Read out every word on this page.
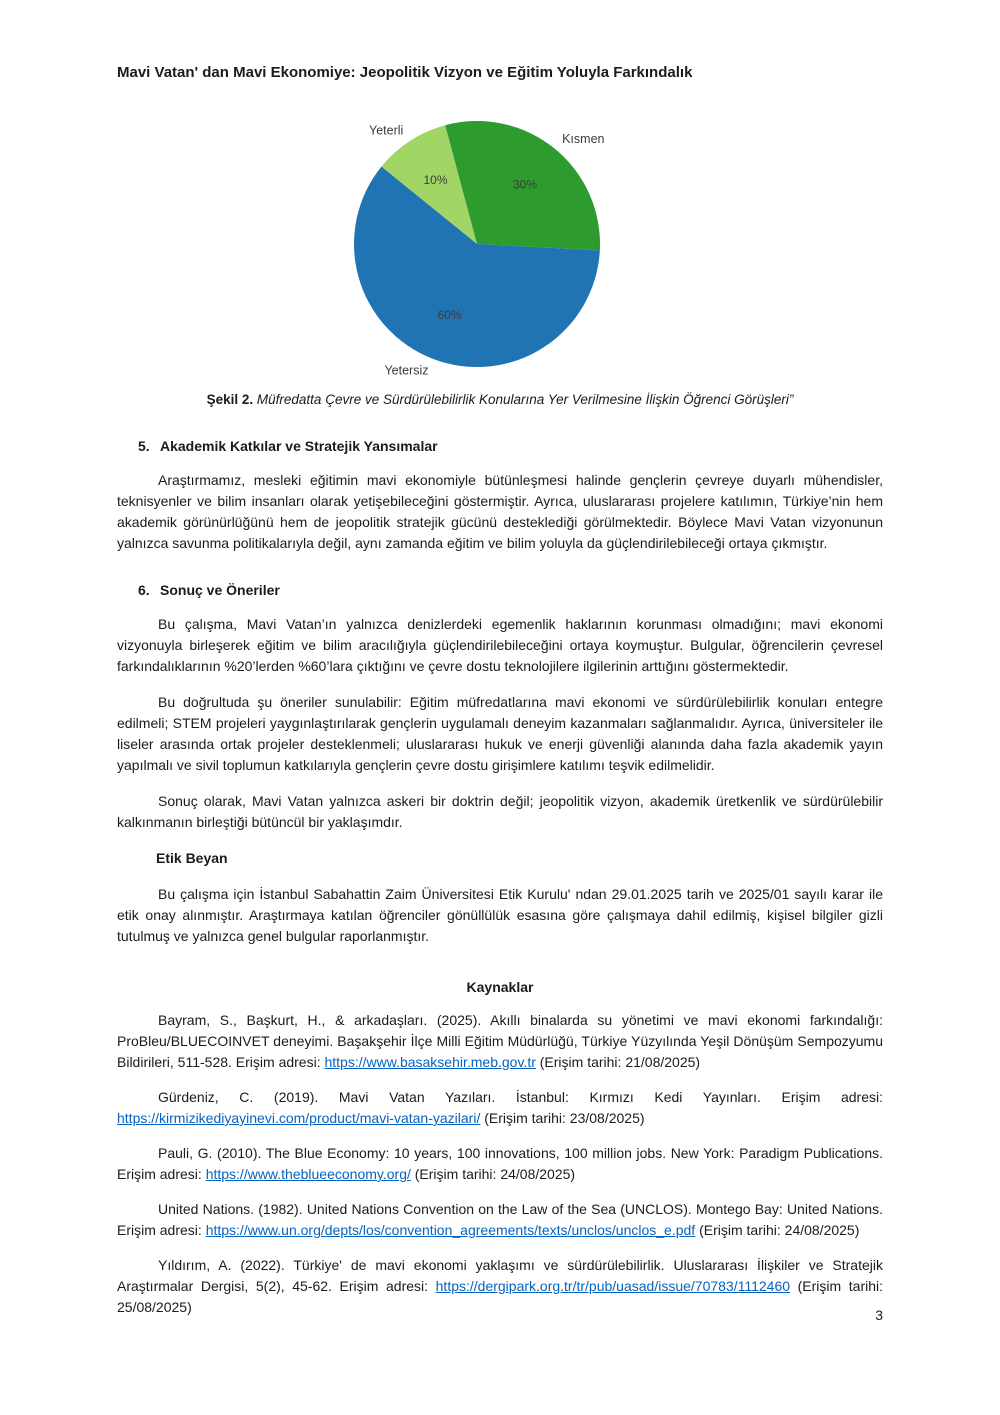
Mavi Vatan' dan Mavi Ekonomiye: Jeopolitik Vizyon ve Eğitim Yoluyla Farkındalık
10%
Yeterli
30%
Kısmen
60%
Yetersiz

Şekil 2. Müfredatta Çevre ve Sürdürülebilirlik Konularına Yer Verilmesine İlişkin Öğrenci Görüşleri”

5. Akademik Katkılar ve Stratejik Yansımalar

Araştırmamız, mesleki eğitimin mavi ekonomiyle bütünleşmesi halinde gençlerin çevreye duyarlı mühendisler, teknisyenler ve bilim insanları olarak yetişebileceğini göstermiştir. Ayrıca, uluslararası projelere katılımın, Türkiye’nin hem akademik görünürlüğünü hem de jeopolitik stratejik gücünü desteklediği görülmektedir. Böylece Mavi Vatan vizyonunun yalnızca savunma politikalarıyla değil, aynı zamanda eğitim ve bilim yoluyla da güçlendirilebileceği ortaya çıkmıştır.

6. Sonuç ve Öneriler

Bu çalışma, Mavi Vatan’ın yalnızca denizlerdeki egemenlik haklarının korunması olmadığını; mavi ekonomi vizyonuyla birleşerek eğitim ve bilim aracılığıyla güçlendirilebileceğini ortaya koymuştur. Bulgular, öğrencilerin çevresel farkındalıklarının %20’lerden %60’lara çıktığını ve çevre dostu teknolojilere ilgilerinin arttığını göstermektedir.

Bu doğrultuda şu öneriler sunulabilir: Eğitim müfredatlarına mavi ekonomi ve sürdürülebilirlik konuları entegre edilmeli; STEM projeleri yaygınlaştırılarak gençlerin uygulamalı deneyim kazanmaları sağlanmalıdır. Ayrıca, üniversiteler ile liseler arasında ortak projeler desteklenmeli; uluslararası hukuk ve enerji güvenliği alanında daha fazla akademik yayın yapılmalı ve sivil toplumun katkılarıyla gençlerin çevre dostu girişimlere katılımı teşvik edilmelidir.

Sonuç olarak, Mavi Vatan yalnızca askeri bir doktrin değil; jeopolitik vizyon, akademik üretkenlik ve sürdürülebilir kalkınmanın birleştiği bütüncül bir yaklaşımdır.

Etik Beyan

Bu çalışma için İstanbul Sabahattin Zaim Üniversitesi Etik Kurulu' ndan 29.01.2025 tarih ve 2025/01 sayılı karar ile etik onay alınmıştır. Araştırmaya katılan öğrenciler gönüllülük esasına göre çalışmaya dahil edilmiş, kişisel bilgiler gizli tutulmuş ve yalnızca genel bulgular raporlanmıştır.

Kaynaklar

Bayram, S., Başkurt, H., & arkadaşları. (2025). Akıllı binalarda su yönetimi ve mavi ekonomi farkındalığı: ProBleu/BLUECOINVET deneyimi. Başakşehir İlçe Milli Eğitim Müdürlüğü, Türkiye Yüzyılında Yeşil Dönüşüm Sempozyumu Bildirileri, 511-528. Erişim adresi: https://www.basaksehir.meb.gov.tr (Erişim tarihi: 21/08/2025)

Gürdeniz, C. (2019). Mavi Vatan Yazıları. İstanbul: Kırmızı Kedi Yayınları. Erişim adresi: https://kirmizikediyayinevi.com/product/mavi-vatan-yazilari/ (Erişim tarihi: 23/08/2025)

Pauli, G. (2010). The Blue Economy: 10 years, 100 innovations, 100 million jobs. New York: Paradigm Publications. Erişim adresi: https://www.theblueeconomy.org/ (Erişim tarihi: 24/08/2025)

United Nations. (1982). United Nations Convention on the Law of the Sea (UNCLOS). Montego Bay: United Nations. Erişim adresi: https://www.un.org/depts/los/convention_agreements/texts/unclos/unclos_e.pdf (Erişim tarihi: 24/08/2025)

Yıldırım, A. (2022). Türkiye' de mavi ekonomi yaklaşımı ve sürdürülebilirlik. Uluslararası İlişkiler ve Stratejik Araştırmalar Dergisi, 5(2), 45-62. Erişim adresi: https://dergipark.org.tr/tr/pub/uasad/issue/70783/1112460 (Erişim tarihi: 25/08/2025)	3
